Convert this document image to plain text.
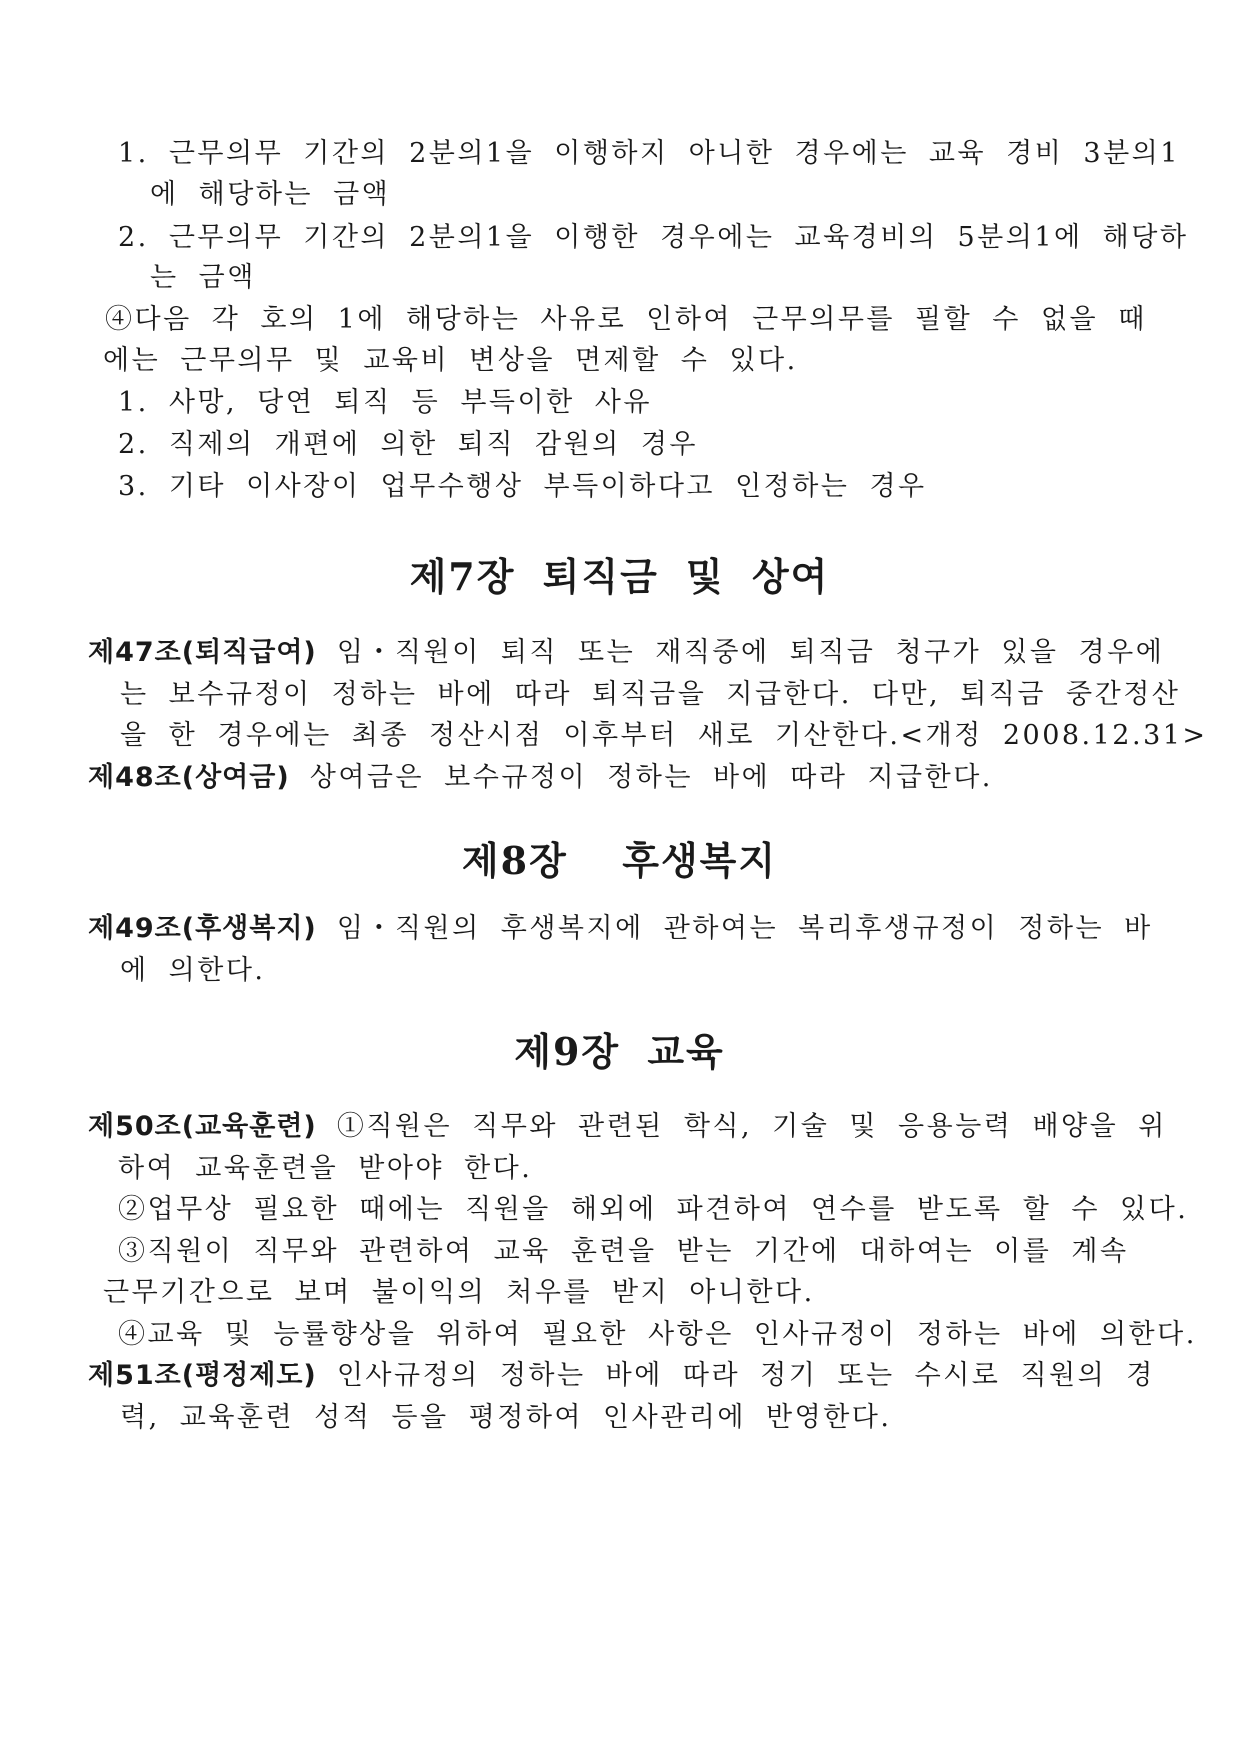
1. 근무의무 기간의 2분의1을 이행하지 아니한 경우에는 교육 경비 3분의1
에 해당하는 금액
2. 근무의무 기간의 2분의1을 이행한 경우에는 교육경비의 5분의1에 해당하
는 금액
④다음 각 호의 1에 해당하는 사유로 인하여 근무의무를 필할 수 없을 때
에는 근무의무 및 교육비 변상을 면제할 수 있다.
1. 사망, 당연 퇴직 등 부득이한 사유
2. 직제의 개편에 의한 퇴직 감원의 경우
3. 기타 이사장이 업무수행상 부득이하다고 인정하는 경우
제7장 퇴직금 및 상여
제47조(퇴직급여) 임・직원이 퇴직 또는 재직중에 퇴직금 청구가 있을 경우에
는 보수규정이 정하는 바에 따라 퇴직금을 지급한다. 다만, 퇴직금 중간정산
을 한 경우에는 최종 정산시점 이후부터 새로 기산한다.<개정 2008.12.31>
제48조(상여금) 상여금은 보수규정이 정하는 바에 따라 지급한다.
제8장  후생복지
제49조(후생복지) 임・직원의 후생복지에 관하여는 복리후생규정이 정하는 바
에 의한다.
제9장 교육
제50조(교육훈련) ①직원은 직무와 관련된 학식, 기술 및 응용능력 배양을 위
하여 교육훈련을 받아야 한다.
②업무상 필요한 때에는 직원을 해외에 파견하여 연수를 받도록 할 수 있다.
③직원이 직무와 관련하여 교육 훈련을 받는 기간에 대하여는 이를 계속
근무기간으로 보며 불이익의 처우를 받지 아니한다.
④교육 및 능률향상을 위하여 필요한 사항은 인사규정이 정하는 바에 의한다.
제51조(평정제도) 인사규정의 정하는 바에 따라 정기 또는 수시로 직원의 경
력, 교육훈련 성적 등을 평정하여 인사관리에 반영한다.
